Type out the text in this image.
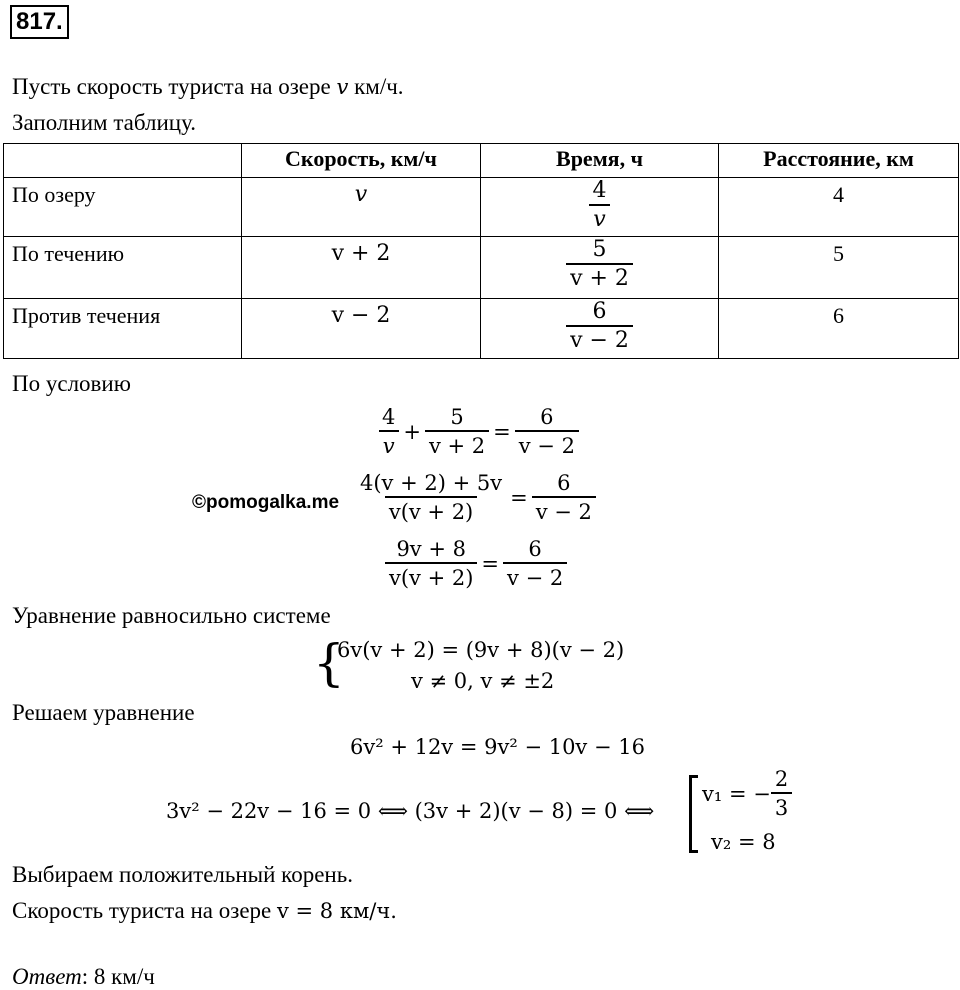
817.
Пусть скорость туриста на озере v км/ч.
Заполним таблицу.
	Скорость, км/ч	Время, ч	Расстояние, км
По озеру	v	$\frac{4}{v}$	4
По течению	v + 2	$\frac{5}{v + 2}$	5
Против течения	v − 2	$\frac{6}{v - 2}$	6
По условию
$\frac{4}{v} + \frac{5}{v + 2} = \frac{6}{v - 2}$
©pomogalka.me $\frac{4(v + 2) + 5v}{v(v + 2)} = \frac{6}{v - 2}$
$\frac{9v + 8}{v(v + 2)} = \frac{6}{v - 2}$
Уравнение равносильно системе
{
6v(v + 2) = (9v + 8)(v − 2)
v ≠ 0, v ≠ ±2
Решаем уравнение
6v² + 12v = 9v² − 10v − 16
3v² − 22v − 16 = 0 ⟺ (3v + 2)(v − 8) = 0 ⟺
v₁ = − $\frac{2}{3}$
v₂ = 8
Выбираем положительный корень.
Скорость туриста на озере v = 8 км/ч.
Ответ: 8 км/ч
